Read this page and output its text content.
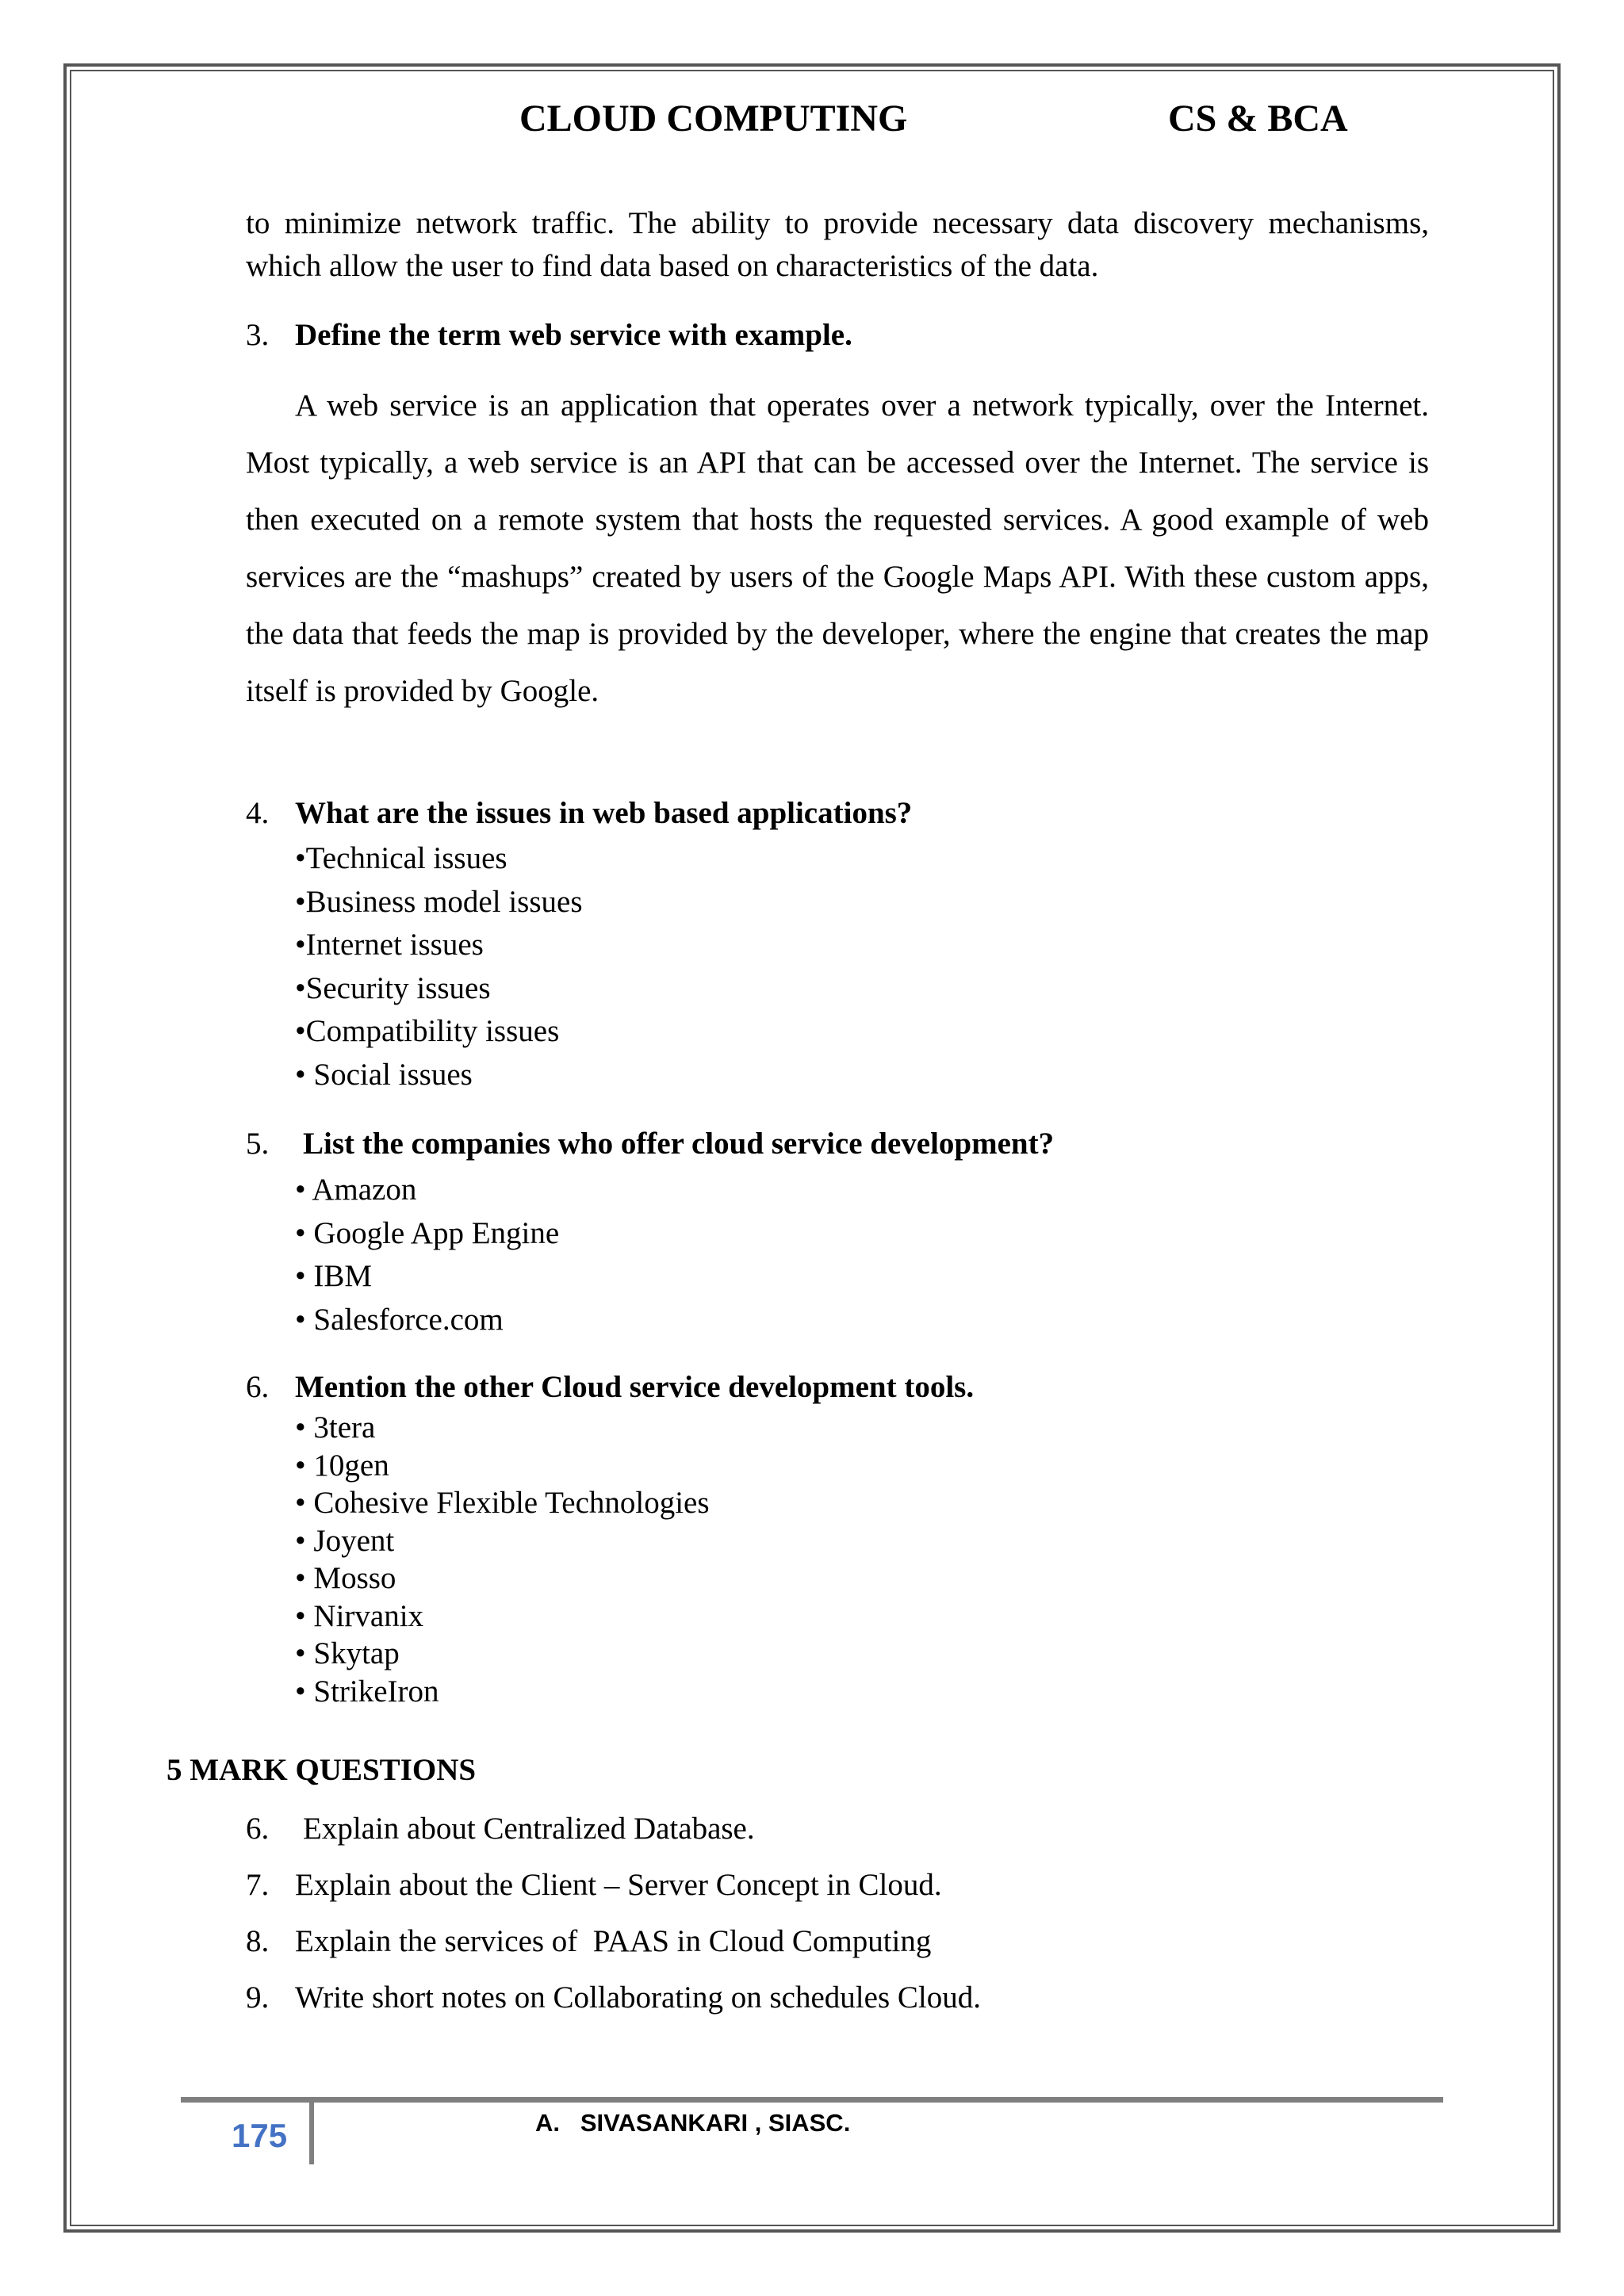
CLOUD COMPUTING	CS & BCA
to minimize network traffic. The ability to provide necessary data discovery mechanisms, which allow the user to find data based on characteristics of the data.
3. Define the term web service with example.
A web service is an application that operates over a network typically, over the Internet. Most typically, a web service is an API that can be accessed over the Internet. The service is then executed on a remote system that hosts the requested services. A good example of web services are the “mashups” created by users of the Google Maps API. With these custom apps, the data that feeds the map is provided by the developer, where the engine that creates the map itself is provided by Google.
4. What are the issues in web based applications?
•Technical issues
•Business model issues
•Internet issues
•Security issues
•Compatibility issues
• Social issues
5. List the companies who offer cloud service development?
• Amazon
• Google App Engine
• IBM
• Salesforce.com
6. Mention the other Cloud service development tools.
• 3tera
• 10gen
• Cohesive Flexible Technologies
• Joyent
• Mosso
• Nirvanix
• Skytap
• StrikeIron
5 MARK QUESTIONS
6. Explain about Centralized Database.
7. Explain about the Client – Server Concept in Cloud.
8. Explain the services of  PAAS in Cloud Computing
9. Write short notes on Collaborating on schedules Cloud.
175	A.   SIVASANKARI , SIASC.
